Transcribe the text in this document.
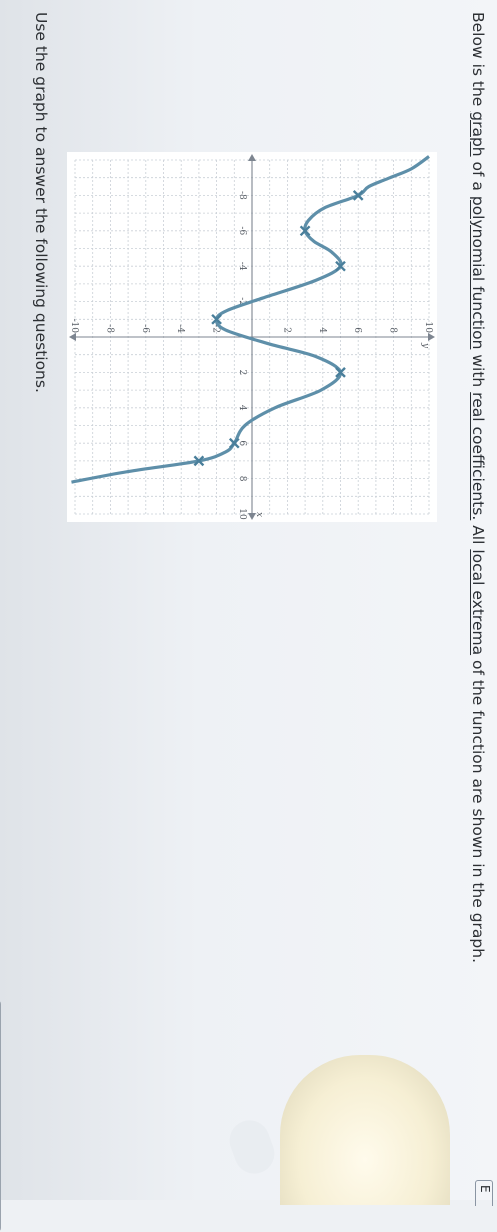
Below is the graph of a polynomial function with real coefficients. All local extrema of the function are shown in the graph.
E
-8
-6
-4
-2
2
4
6
8
10
10
8
6
4
2
-2
-4
-6
-8
-10
x
y
Use the graph to answer the following questions.
